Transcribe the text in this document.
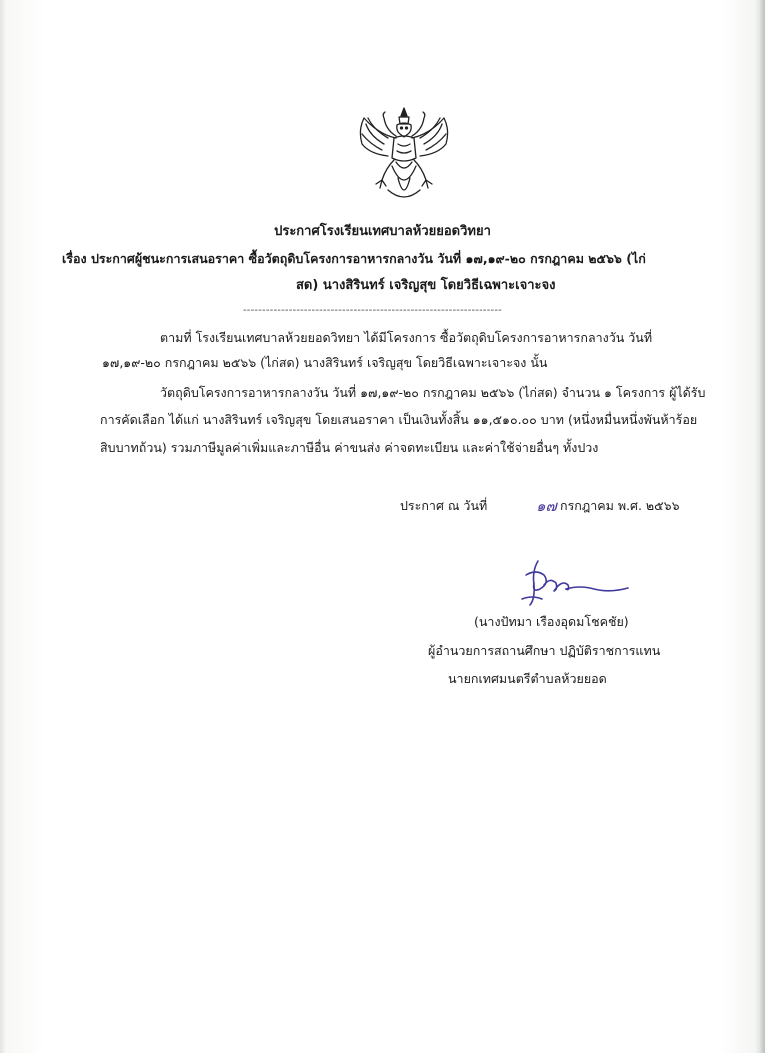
ประกาศโรงเรียนเทศบาลห้วยยอดวิทยา
เรื่อง ประกาศผู้ชนะการเสนอราคา ซื้อวัตถุดิบโครงการอาหารกลางวัน วันที่ ๑๗,๑๙-๒๐ กรกฎาคม ๒๕๖๖ (ไก่
สด) นางสิรินทร์ เจริญสุข โดยวิธีเฉพาะเจาะจง
--------------------------------------------------------------------
ตามที่ โรงเรียนเทศบาลห้วยยอดวิทยา ได้มีโครงการ ซื้อวัตถุดิบโครงการอาหารกลางวัน วันที่
๑๗,๑๙-๒๐ กรกฎาคม ๒๕๖๖ (ไก่สด) นางสิรินทร์ เจริญสุข โดยวิธีเฉพาะเจาะจง นั้น
วัตถุดิบโครงการอาหารกลางวัน วันที่ ๑๗,๑๙-๒๐ กรกฎาคม ๒๕๖๖ (ไก่สด) จำนวน ๑ โครงการ ผู้ได้รับ
การคัดเลือก ได้แก่ นางสิรินทร์ เจริญสุข โดยเสนอราคา เป็นเงินทั้งสิ้น ๑๑,๕๑๐.๐๐ บาท (หนึ่งหมื่นหนึ่งพันห้าร้อย
สิบบาทถ้วน) รวมภาษีมูลค่าเพิ่มและภาษีอื่น ค่าขนส่ง ค่าจดทะเบียน และค่าใช้จ่ายอื่นๆ ทั้งปวง
ประกาศ ณ วันที่	๑๗ กรกฎาคม พ.ศ. ๒๕๖๖
(นางปัทมา เรืองอุดมโชคชัย)
ผู้อำนวยการสถานศึกษา ปฏิบัติราชการแทน
นายกเทศมนตรีตำบลห้วยยอด
